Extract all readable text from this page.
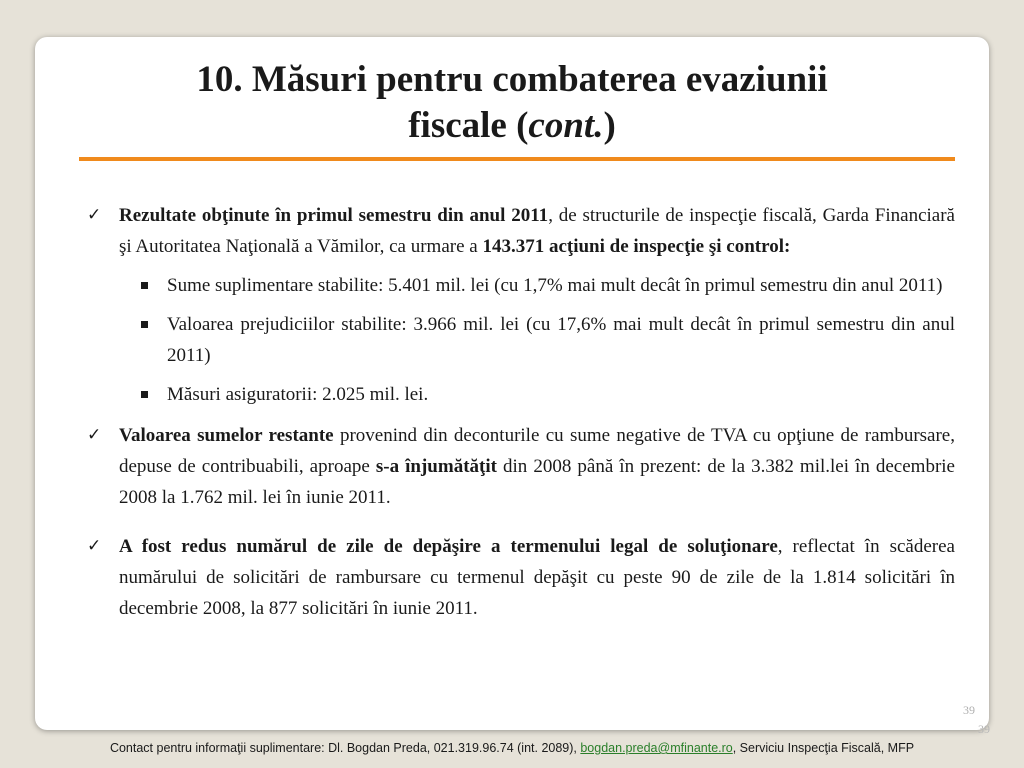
10. Măsuri pentru combaterea evaziunii
fiscale (cont.)
✓ Rezultate obţinute în primul semestru din anul 2011, de structurile de inspecţie fiscală, Garda Financiară şi Autoritatea Naţională a Vămilor, ca urmare a 143.371 acţiuni de inspecţie şi control:
Sume suplimentare stabilite: 5.401 mil. lei (cu 1,7% mai mult decât în primul semestru din anul 2011)
Valoarea prejudiciilor stabilite: 3.966 mil. lei (cu 17,6% mai mult decât în primul semestru din anul 2011)
Măsuri asiguratorii: 2.025 mil. lei.
✓ Valoarea sumelor restante provenind din deconturile cu sume negative de TVA cu opţiune de rambursare, depuse de contribuabili, aproape s-a înjumătăţit din 2008 până în prezent: de la 3.382 mil.lei în decembrie 2008 la 1.762 mil. lei în iunie 2011.
✓ A fost redus numărul de zile de depăşire a termenului legal de soluţionare, reflectat în scăderea numărului de solicitări de rambursare cu termenul depăşit cu peste 90 de zile de la 1.814 solicitări în decembrie 2008, la 877 solicitări în iunie 2011.
39
39
Contact pentru informaţii suplimentare: Dl. Bogdan Preda, 021.319.96.74 (int. 2089), bogdan.preda@mfinante.ro, Serviciu Inspecţia Fiscală, MFP
